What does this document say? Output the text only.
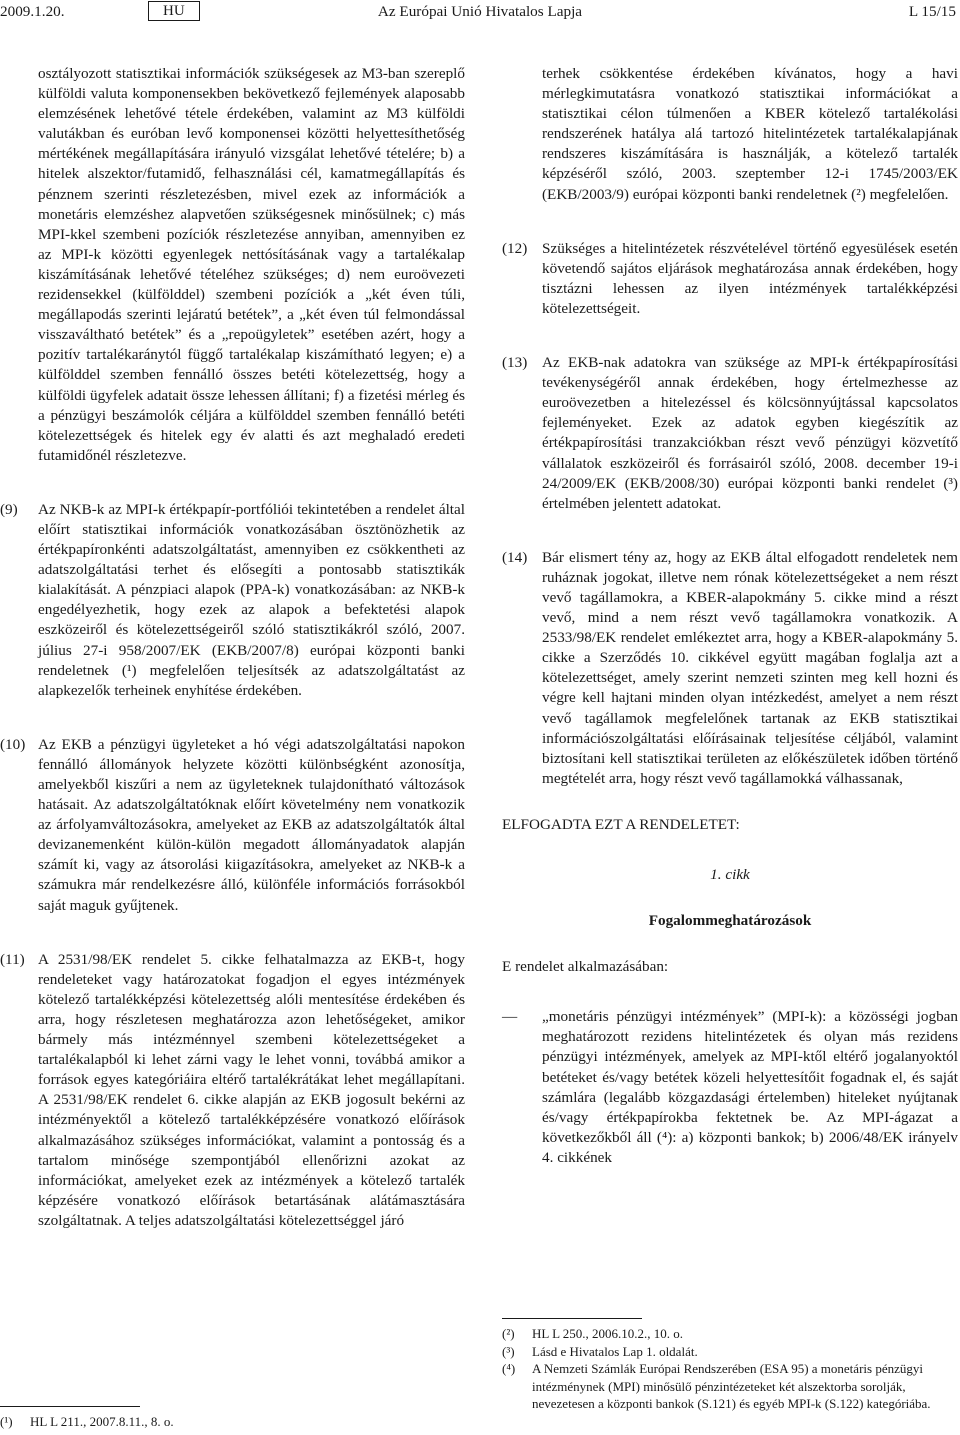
2009.1.20.	HU	Az Európai Unió Hivatalos Lapja	L 15/15
osztályozott statisztikai információk szükségesek az M3-ban szereplő külföldi valuta komponensekben bekövetkező fejlemények alaposabb elemzésének lehetővé tétele érdekében, valamint az M3 külföldi valutákban és euróban levő komponensei közötti helyettesíthetőség mértékének megállapítására irányuló vizsgálat lehetővé tételére; b) a hitelek alszektor/futamidő, felhasználási cél, kamatmegállapítás és pénznem szerinti részletezésben, mivel ezek az információk a monetáris elemzéshez alapvetően szükségesnek minősülnek; c) más MPI-kkel szembeni pozíciók részletezése annyiban, amennyiben ez az MPI-k közötti egyenlegek nettósításának vagy a tartalékalap kiszámításának lehetővé tételéhez szükséges; d) nem euroövezeti rezidensekkel (külfölddel) szembeni pozíciók a „két éven túli, megállapodás szerinti lejáratú betétek”, a „két éven túl felmondással visszaváltható betétek” és a „repoügyletek” esetében azért, hogy a pozitív tartalékaránytól függő tartalékalap kiszámítható legyen; e) a külfölddel szemben fennálló összes betéti kötelezettség, hogy a külföldi ügyfelek adatait össze lehessen állítani; f) a fizetési mérleg és a pénzügyi beszámolók céljára a külfölddel szemben fennálló betéti kötelezettségek és hitelek egy év alatti és azt meghaladó eredeti futamidőnél részletezve.
(9) Az NKB-k az MPI-k értékpapír-portfóliói tekintetében a rendelet által előírt statisztikai információk vonatkozásában ösztönözhetik az értékpapíronkénti adatszolgáltatást, amennyiben ez csökkentheti az adatszolgáltatási terhet és elősegíti a pontosabb statisztikák kialakítását. A pénzpiaci alapok (PPA-k) vonatkozásában: az NKB-k engedélyezhetik, hogy ezek az alapok a befektetési alapok eszközeiről és kötelezettségeiről szóló statisztikákról szóló, 2007. július 27-i 958/2007/EK (EKB/2007/8) európai központi banki rendeletnek (¹) megfelelően teljesítsék az adatszolgáltatást az alapkezelők terheinek enyhítése érdekében.
(10) Az EKB a pénzügyi ügyleteket a hó végi adatszolgáltatási napokon fennálló állományok helyzete közötti különbségként azonosítja, amelyekből kiszűri a nem az ügyleteknek tulajdonítható változások hatásait. Az adatszolgáltatóknak előírt követelmény nem vonatkozik az árfolyamváltozásokra, amelyeket az EKB az adatszolgáltatók által devizanemenként külön-külön megadott állományadatok alapján számít ki, vagy az átsorolási kiigazításokra, amelyeket az NKB-k a számukra már rendelkezésre álló, különféle információs forrásokból saját maguk gyűjtenek.
(11) A 2531/98/EK rendelet 5. cikke felhatalmazza az EKB-t, hogy rendeleteket vagy határozatokat fogadjon el egyes intézmények kötelező tartalékképzési kötelezettség alóli mentesítése érdekében és arra, hogy részletesen meghatározza azon lehetőségeket, amikor bármely más intézménnyel szembeni kötelezettségeket a tartalékalapból ki lehet zárni vagy le lehet vonni, továbbá amikor a források egyes kategóriáira eltérő tartalékrátákat lehet megállapítani. A 2531/98/EK rendelet 6. cikke alapján az EKB jogosult bekérni az intézményektől a kötelező tartalékképzésére vonatkozó előírások alkalmazásához szükséges információkat, valamint a pontosság és a tartalom minősége szempontjából ellenőrizni azokat az információkat, amelyeket ezek az intézmények a kötelező tartalék képzésére vonatkozó előírások betartásának alátámasztására szolgáltatnak. A teljes adatszolgáltatási kötelezettséggel járó
(¹) HL L 211., 2007.8.11., 8. o.
terhek csökkentése érdekében kívánatos, hogy a havi mérlegkimutatásra vonatkozó statisztikai információkat a statisztikai célon túlmenően a KBER kötelező tartalékolási rendszerének hatálya alá tartozó hitelintézetek tartalékalapjának rendszeres kiszámítására is használják, a kötelező tartalék képzéséről szóló, 2003. szeptember 12-i 1745/2003/EK (EKB/2003/9) európai központi banki rendeletnek (²) megfelelően.
(12) Szükséges a hitelintézetek részvételével történő egyesülések esetén követendő sajátos eljárások meghatározása annak érdekében, hogy tisztázni lehessen az ilyen intézmények tartalékképzési kötelezettségeit.
(13) Az EKB-nak adatokra van szüksége az MPI-k értékpapírosítási tevékenységéről annak érdekében, hogy értelmezhesse az euroövezetben a hitelezéssel és kölcsönnyújtással kapcsolatos fejleményeket. Ezek az adatok egyben kiegészítik az értékpapírosítási tranzakciókban részt vevő pénzügyi közvetítő vállalatok eszközeiről és forrásairól szóló, 2008. december 19-i 24/2009/EK (EKB/2008/30) európai központi banki rendelet (³) értelmében jelentett adatokat.
(14) Bár elismert tény az, hogy az EKB által elfogadott rendeletek nem ruháznak jogokat, illetve nem rónak kötelezettségeket a nem részt vevő tagállamokra, a KBER-alapokmány 5. cikke mind a részt vevő, mind a nem részt vevő tagállamokra vonatkozik. A 2533/98/EK rendelet emlékeztet arra, hogy a KBER-alapokmány 5. cikke a Szerződés 10. cikkével együtt magában foglalja azt a kötelezettséget, amely szerint nemzeti szinten meg kell hozni és végre kell hajtani minden olyan intézkedést, amelyet a nem részt vevő tagállamok megfelelőnek tartanak az EKB statisztikai információszolgáltatási előírásainak teljesítése céljából, valamint biztosítani kell statisztikai területen az előkészületek időben történő megtételét arra, hogy részt vevő tagállamokká válhassanak,
ELFOGADTA EZT A RENDELETET:
1. cikk
Fogalommeghatározások
E rendelet alkalmazásában:
— „monetáris pénzügyi intézmények” (MPI-k): a közösségi jogban meghatározott rezidens hitelintézetek és olyan más rezidens pénzügyi intézmények, amelyek az MPI-ktől eltérő jogalanyoktól betéteket és/vagy betétek közeli helyettesítőit fogadnak el, és saját számlára (legalább közgazdasági értelemben) hiteleket nyújtanak és/vagy értékpapírokba fektetnek be. Az MPI-ágazat a következőkből áll (⁴): a) központi bankok; b) 2006/48/EK irányelv 4. cikkének
(²) HL L 250., 2006.10.2., 10. o.
(³) Lásd e Hivatalos Lap 1. oldalát.
(⁴) A Nemzeti Számlák Európai Rendszerében (ESA 95) a monetáris pénzügyi intézménynek (MPI) minősülő pénzintézeteket két alszektorba sorolják, nevezetesen a központi bankok (S.121) és egyéb MPI-k (S.122) kategóriába.
